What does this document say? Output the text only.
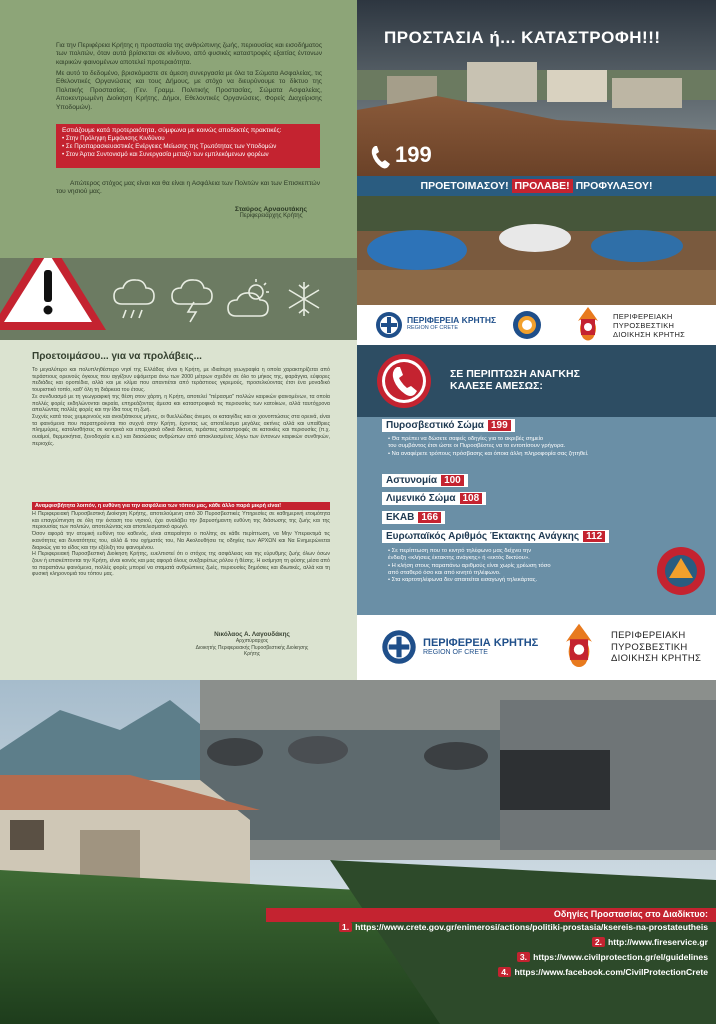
Για την Περιφέρεια Κρήτης η προστασία της ανθρώπινης ζωής, περιουσίας και εισοδήματος των πολιτών, όταν αυτά βρίσκεται σε κίνδυνο, από φυσικές καταστροφές εξαιτίας έντονων καιρικών φαινομένων αποτελεί προτεραιότητα.

Με αυτό το δεδομένο, βρισκόμαστε σε άμεση συνεργασία με όλα τα Σώματα Ασφαλείας, τις Εθελοντικές Οργανώσεις και τους Δήμους, με στόχο να διευρύνουμε το δίκτυο της Πολιτικής Προστασίας. (Γεν. Γραμμ. Πολιτικής Προστασίας, Σώματα Ασφαλείας, Αποκεντρωμένη Διοίκηση Κρήτης, Δήμοι, Εθελοντικές Οργανώσεις, Φορείς Διαχείρισης Υποδομών).

Εστιάζουμε κατά προτεραιότητα, σύμφωνα με κοινώς αποδεκτές πρακτικές:
• Στην Πρόληψη Εμφάνισης Κινδύνου
• Σε Προπαρασκευαστικές Ενέργειες Μείωσης της Τρωτότητας των Υποδομών
• Στον Άρτια Συντονισμό και Συνεργασία μεταξύ των εμπλεκόμενων φορέων

Απώτερος στόχος μας είναι και θα είναι η Ασφάλεια των Πολιτών και των Επισκεπτών του νησιού μας.

Σταύρος Αρναουτάκης
Περιφερειάρχης Κρήτης
ΠΡΟΣΤΑΣΙΑ ή... ΚΑΤΑΣΤΡΟΦΗ!!!
199
ΠΡΟΕΤΟΙΜΑΣΟΥ! ΠΡΟΛΑΒΕ! ΠΡΟΦΥΛΑΞΟΥ!
ΠΕΡΙΦΕΡΕΙΑ ΚΡΗΤΗΣ
REGION OF CRETE
ΠΕΡΙΦΕΡΕΙΑΚΗ
ΠΥΡΟΣΒΕΣΤΙΚΗ
ΔΙΟΙΚΗΣΗ ΚΡΗΤΗΣ
Προετοιμάσου... για να προλάβεις...

Το μεγαλύτερο και πολυπληθέστερο νησί της Ελλάδας είναι η Κρήτη, με ιδιαίτερη γεωγραφία η οποία χαρακτηρίζεται από τεράστιους ορεινούς όγκους που αγγίζουν υψόμετρα άνω των 2000 μέτρων σχεδόν σε όλο το μήκος της, φαράγγια, εύφορες πεδιάδες και οροπέδια, αλλά και με κλίμα που απαντιέται από τεράστιους γκρεμούς, προσελκύοντας έτσι ένα μοναδικό τουριστικό τοπίο, καθ' όλη τη διάρκεια του έτους.

Σε συνδυασμό με τη γεωγραφική της θέση στον χάρτη, η Κρήτη, αποτελεί "πέρασμα" πολλών καιρικών φαινομένων, τα οποία πολλές φορές εκδηλώνονται ακραία, επηρεάζοντας άμεσα και καταστροφικά τις περιουσίες των κατοίκων, αλλά ταυτόχρονα απειλώντας πολλές φορές και την ίδια τους τη ζωή.

Συχνές κατά τους χειμερινούς και ανοιξιάτικους μήνες, οι θυελλώδεις άνεμοι, οι καταιγίδες και οι χιονοπτώσεις στα ορεινά, είναι τα φαινόμενα που παρατηρούνται πιο συχνά στην Κρήτη, έχοντας ως αποτέλεσμα μεγάλες ακτίνες αλλά και υπαίθριες πλημμύρες, κατολισθήσεις σε κεντρικά και επαρχιακά οδικά δίκτυα, τεράστιες καταστροφές σε κατοικίες και περιουσίες (π.χ. ουαίμοί, θερμοκήπια, ξενοδοχεία κ.α.) και διασώσεις ανθρώπων από αποκλεισμένες λόγω των έντονων καιρικών συνθηκών, περιοχές.

Αναμφισβήτητα λοιπόν, η ευθύνη για την ασφάλεια των τόπου μας, κάθε άλλο παρά μικρή είναι!

Η Περιφερειακή Πυροσβεστική Διοίκηση Κρήτης, αποτελούμενη από 30 Πυροσβεστικές Υπηρεσίες σε καθημερινή ετοιμότητα και επαγρύπνηση σε όλη την έκταση του νησιού, έχει αναλάβει την βαρυσήμαντη ευθύνη της διάσωσης της ζωής και της περιουσίας των πολιτών, αποτελώντας και αποτελεσματικό αρωγό.

Όσον αφορά την ατομική ευθύνη του καθενός, είναι απαραίτητο ο πολίτης σε κάθε περίπτωση, να Μην Υπερεκτιμά τις ικανότητες και δυνατότητες του, αλλά & του οχήματός του, Να Ακολουθήσει τις οδηγίες των ΑΡΧΩΝ και Να Ενημερώνεται διαρκώς για το είδος και την εξέλιξη του φαινομένου.

Η Περιφερειακή Πυροσβεστική Διοίκηση Κρήτης, ευελπιστεί ότι ο στόχος της ασφάλειας και της εύρυθμης ζωής όλων όσων ζουν ή επισκέπτονται την Κρήτη, είναι κοινός και μας αφορά όλους ανεξαιρέτως ρόλου ή θέσης. Η εκτίμηση τη φύσης μέσα από τα παραπάνω φαινόμενα, πολλές φορές μπορεί να σταματά ανθρώπινες ζωές, περιουσίες δημόσιες και ιδιωτικές, αλλά και τη φυσική κληρονομιά του τόπου μας.

Νικόλαος Α. Λαγουδάκης
Αρχιπύραρχος
Διοικητής Περιφερειακής Πυροσβεστικής Διοίκησης Κρήτης
ΣΕ ΠΕΡΙΠΤΩΣΗ ΑΝΑΓΚΗΣ
ΚΑΛΕΣΕ ΑΜΕΣΩΣ:
Πυροσβεστικό Σώμα 199
• Θα πρέπει να δώσετε σαφείς οδηγίες για το ακριβές σημείο
του συμβάντος έτσι ώστε οι Πυροσβέστες να το εντοπίσουν γρήγορα.
• Να αναφέρετε τρόπους πρόσβασης και όποια άλλη πληροφορία σας ζητηθεί.
Αστυνομία 100
Λιμενικό Σώμα 108
ΕΚΑΒ 166
Ευρωπαϊκός Αριθμός Έκτακτης Ανάγκης 112
• Σε περίπτωση που το κινητό τηλέφωνο μας δείχνει την
ένδειξη «κλήσεις έκτακτης ανάγκης» ή «εκτός δικτύου».
• Η κλήση στους παραπάνω αριθμούς είναι χωρίς χρέωση τόσο
από σταθερό όσο και από κινητό τηλέφωνο.
• Στα καρτοτηλέφωνα δεν απαιτείται εισαγωγή τηλεκάρτας.
ΠΕΡΙΦΕΡΕΙΑ ΚΡΗΤΗΣ
REGION OF CRETE
ΠΕΡΙΦΕΡΕΙΑΚΗ
ΠΥΡΟΣΒΕΣΤΙΚΗ
ΔΙΟΙΚΗΣΗ ΚΡΗΤΗΣ
Οδηγίες Προστασίας στο Διαδίκτυο:
1. https://www.crete.gov.gr/enimerosi/actions/politiki-prostasia/ksereis-na-prostateutheis
2. http://www.fireservice.gr
3. https://www.civilprotection.gr/el/guidelines
4. https://www.facebook.com/CivilProtectionCrete
